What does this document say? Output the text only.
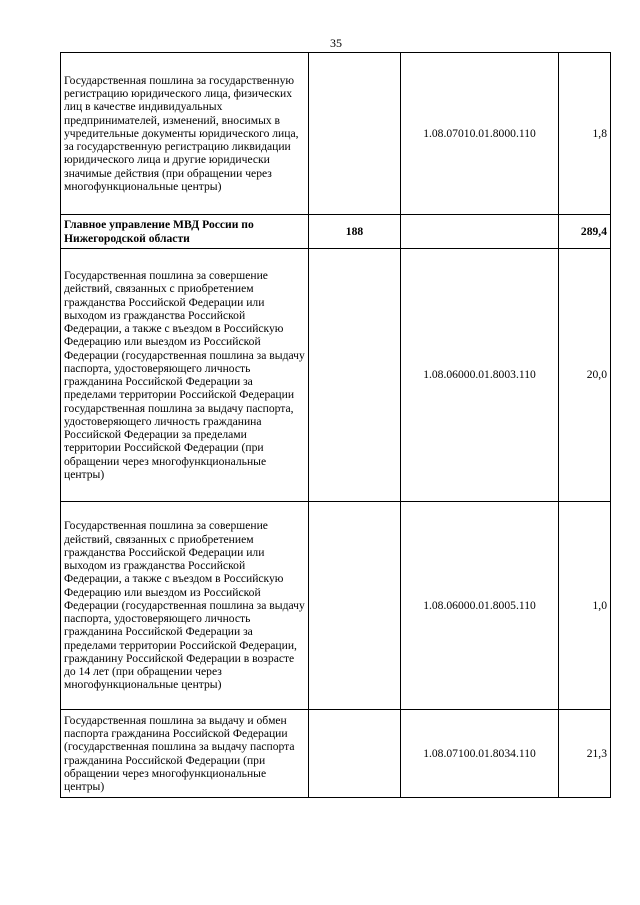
35
Государственная пошлина за государственную регистрацию юридического лица, физических лиц в качестве индивидуальных предпринимателей, изменений, вносимых в учредительные документы юридического лица, за государственную регистрацию ликвидации юридического лица и другие юридически значимые действия (при обращении через многофункциональные центры)		1.08.07010.01.8000.110	1,8
Главное управление МВД России по Нижегородской области	188		289,4
Государственная пошлина за совершение действий, связанных с приобретением гражданства Российской Федерации или выходом из гражданства Российской Федерации, а также с въездом в Российскую Федерацию или выездом из Российской Федерации (государственная пошлина за выдачу паспорта, удостоверяющего личность гражданина Российской Федерации за пределами территории Российской Федерации государственная пошлина за выдачу паспорта, удостоверяющего личность гражданина Российской Федерации за пределами территории Российской Федерации (при обращении через многофункциональные центры)		1.08.06000.01.8003.110	20,0
Государственная пошлина за совершение действий, связанных с приобретением гражданства Российской Федерации или выходом из гражданства Российской Федерации, а также с въездом в Российскую Федерацию или выездом из Российской Федерации (государственная пошлина за выдачу паспорта, удостоверяющего личность гражданина Российской Федерации за пределами территории Российской Федерации, гражданину Российской Федерации в возрасте до 14 лет (при обращении через многофункциональные центры)		1.08.06000.01.8005.110	1,0
Государственная пошлина за выдачу и обмен паспорта гражданина Российской Федерации (государственная пошлина за выдачу паспорта гражданина Российской Федерации (при обращении через многофункциональные центры)		1.08.07100.01.8034.110	21,3
